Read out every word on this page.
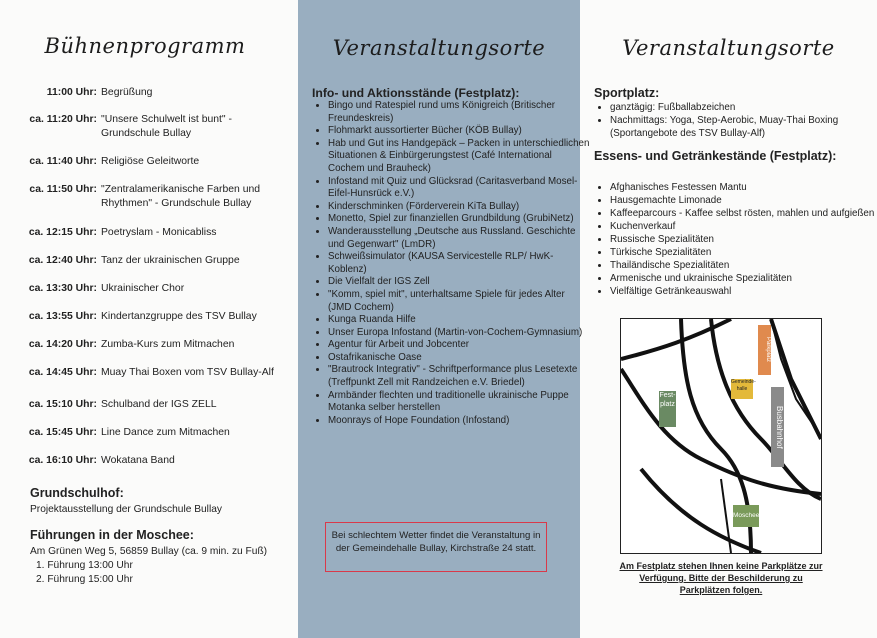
Bühnenprogramm
11:00 Uhr: Begrüßung
ca. 11:20 Uhr: "Unsere Schulwelt ist bunt" - Grundschule Bullay
ca. 11:40 Uhr: Religiöse Geleitworte
ca. 11:50 Uhr: "Zentralamerikanische Farben und Rhythmen" - Grundschule Bullay
ca. 12:15 Uhr: Poetryslam - Monicabliss
ca. 12:40 Uhr: Tanz der ukrainischen Gruppe
ca. 13:30 Uhr: Ukrainischer Chor
ca. 13:55 Uhr: Kindertanzgruppe des TSV Bullay
ca. 14:20 Uhr: Zumba-Kurs zum Mitmachen
ca. 14:45 Uhr: Muay Thai Boxen vom TSV Bullay-Alf
ca. 15:10 Uhr: Schulband der IGS ZELL
ca. 15:45 Uhr: Line Dance zum Mitmachen
ca. 16:10 Uhr: Wokatana Band
Grundschulhof:
Projektausstellung der Grundschule Bullay
Führungen in der Moschee:
Am Grünen Weg 5, 56859 Bullay (ca. 9 min. zu Fuß)
1. Führung 13:00 Uhr
2. Führung 15:00 Uhr
Veranstaltungsorte
Info- und Aktionsstände (Festplatz):
• Bingo und Ratespiel rund ums Königreich (Britischer Freundeskreis)
• Flohmarkt aussortierter Bücher (KÖB Bullay)
• Hab und Gut ins Handgepäck – Packen in unterschiedlichen Situationen & Einbürgerungstest (Café International Cochem und Brauheck)
• Infostand mit Quiz und Glücksrad (Caritasverband Mosel-Eifel-Hunsrück e.V.)
• Kinderschminken (Förderverein KiTa Bullay)
• Monetto, Spiel zur finanziellen Grundbildung (GrubiNetz)
• Wanderausstellung „Deutsche aus Russland. Geschichte und Gegenwart" (LmDR)
• Schweißsimulator (KAUSA Servicestelle RLP/ HwK-Koblenz)
• Die Vielfalt der IGS Zell
• "Komm, spiel mit", unterhaltsame Spiele für jedes Alter (JMD Cochem)
• Kunga Ruanda Hilfe
• Unser Europa Infostand (Martin-von-Cochem-Gymnasium)
• Agentur für Arbeit und Jobcenter
• Ostafrikanische Oase
• "Brautrock Integrativ" - Schriftperformance plus Lesetexte (Treffpunkt Zell mit Randzeichen e.V. Briedel)
• Armbänder flechten und traditionelle ukrainische Puppe Motanka selber herstellen
• Moonrays of Hope Foundation (Infostand)
Bei schlechtem Wetter findet die Veranstaltung in der Gemeindehalle Bullay, Kirchstraße 24 statt.
Veranstaltungsorte
Sportplatz:
• ganztägig: Fußballabzeichen
• Nachmittags: Yoga, Step-Aerobic, Muay-Thai Boxing (Sportangebote des TSV Bullay-Alf)
Essens- und Getränkestände (Festplatz):
• Afghanisches Festessen Mantu
• Hausgemachte Limonade
• Kaffeeparcours - Kaffee selbst rösten, mahlen und aufgießen
• Kuchenverkauf
• Russische Spezialitäten
• Türkische Spezialitäten
• Thailändische Spezialitäten
• Armenische und ukrainische Spezialitäten
• Vielfältige Getränkeauswahl
Fest-platz
Moschee
Gemeinde-halle
Busbahnhof
Parkplatz
Am Festplatz stehen Ihnen keine Parkplätze zur Verfügung. Bitte der Beschilderung zu Parkplätzen folgen.
